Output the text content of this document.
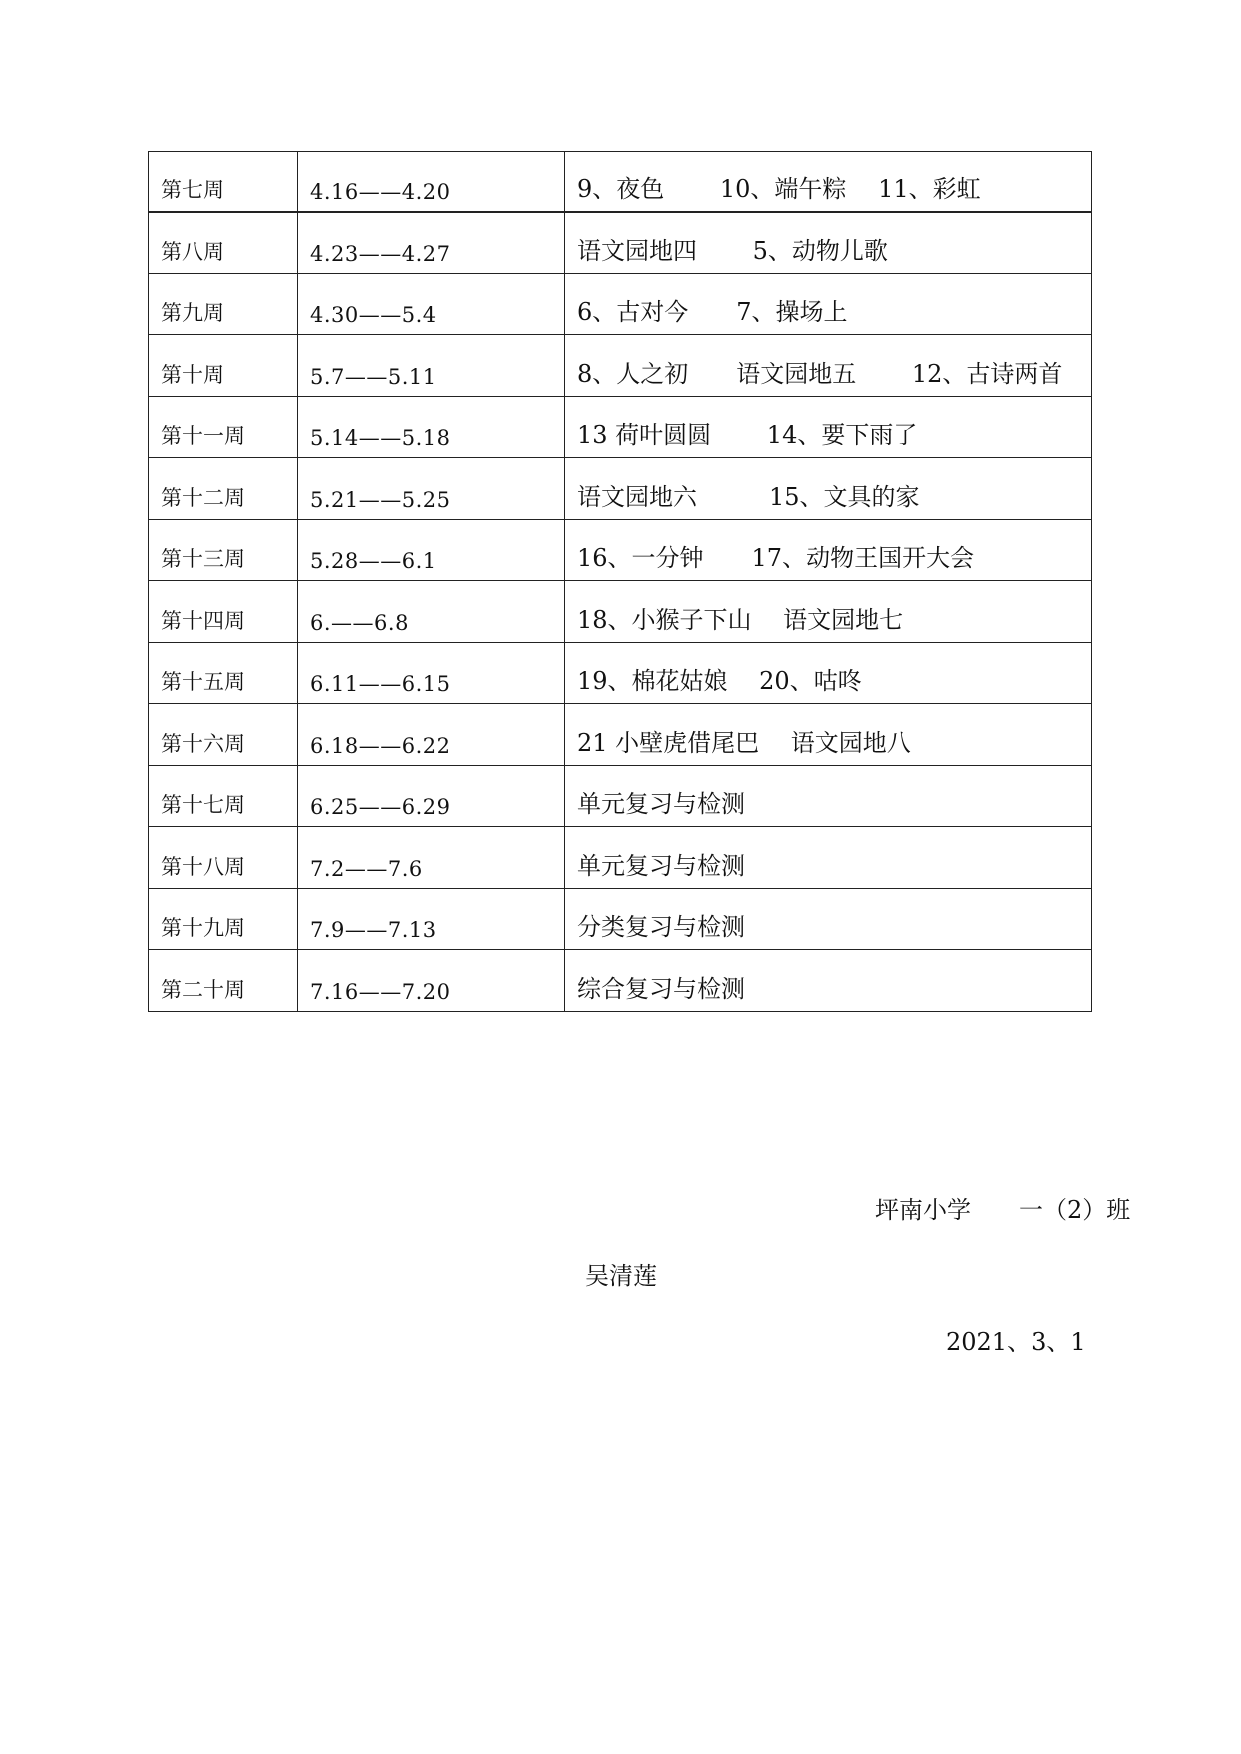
第七周	4.16——4.20	9、夜色　　 10、端午粽　 11、彩虹
第八周	4.23——4.27	语文园地四　　 5、动物儿歌
第九周	4.30——5.4	6、古对今　　7、操场上
第十周	5.7——5.11	8、人之初　　语文园地五　　 12、古诗两首
第十一周	5.14——5.18	13 荷叶圆圆　　 14、要下雨了
第十二周	5.21——5.25	语文园地六　　　15、文具的家
第十三周	5.28——6.1	16、一分钟　　17、动物王国开大会
第十四周	6.——6.8	18、小猴子下山　 语文园地七
第十五周	6.11——6.15	19、棉花姑娘　 20、咕咚
第十六周	6.18——6.22	21 小壁虎借尾巴　 语文园地八
第十七周	6.25——6.29	单元复习与检测
第十八周	7.2——7.6	单元复习与检测
第十九周	7.9——7.13	分类复习与检测
第二十周	7.16——7.20	综合复习与检测
坪南小学　　一（2）班
吴清莲
2021、3、1
